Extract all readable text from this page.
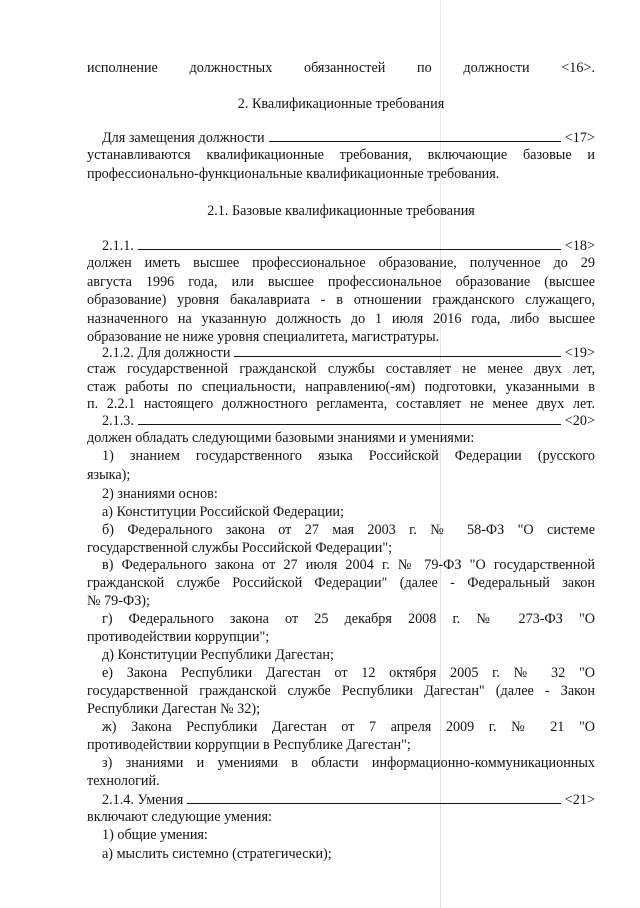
исполнение должностных обязанностей по должности <16>.
2. Квалификационные требования
Для замещения должности	<17>
устанавливаются квалификационные требования, включающие базовые и
профессионально-функциональные квалификационные требования.
2.1. Базовые квалификационные требования
2.1.1.	<18>
должен иметь высшее профессиональное образование, полученное до 29
августа 1996 года, или высшее профессиональное образование (высшее
образование) уровня бакалавриата - в отношении гражданского служащего,
назначенного на указанную должность до 1 июля 2016 года, либо высшее
образование не ниже уровня специалитета, магистратуры.
2.1.2. Для должности	<19>
стаж государственной гражданской службы составляет не менее двух лет,
стаж работы по специальности, направлению(-ям) подготовки, указанными в
п. 2.2.1 настоящего должностного регламента, составляет не менее двух лет.
2.1.3.	<20>
должен обладать следующими базовыми знаниями и умениями:
1) знанием государственного языка Российской Федерации (русского
языка);
2) знаниями основ:
а) Конституции Российской Федерации;
б) Федерального закона от 27 мая 2003 г. № 58-ФЗ "О системе
государственной службы Российской Федерации";
в) Федерального закона от 27 июля 2004 г. № 79-ФЗ "О государственной
гражданской службе Российской Федерации" (далее - Федеральный закон
№ 79-ФЗ);
г) Федерального закона от 25 декабря 2008 г. № 273-ФЗ "О
противодействии коррупции";
д) Конституции Республики Дагестан;
е) Закона Республики Дагестан от 12 октября 2005 г. № 32 "О
государственной гражданской службе Республики Дагестан" (далее - Закон
Республики Дагестан № 32);
ж) Закона Республики Дагестан от 7 апреля 2009 г. № 21 "О
противодействии коррупции в Республике Дагестан";
з) знаниями и умениями в области информационно-коммуникационных
технологий.
2.1.4. Умения	<21>
включают следующие умения:
1) общие умения:
а) мыслить системно (стратегически);
